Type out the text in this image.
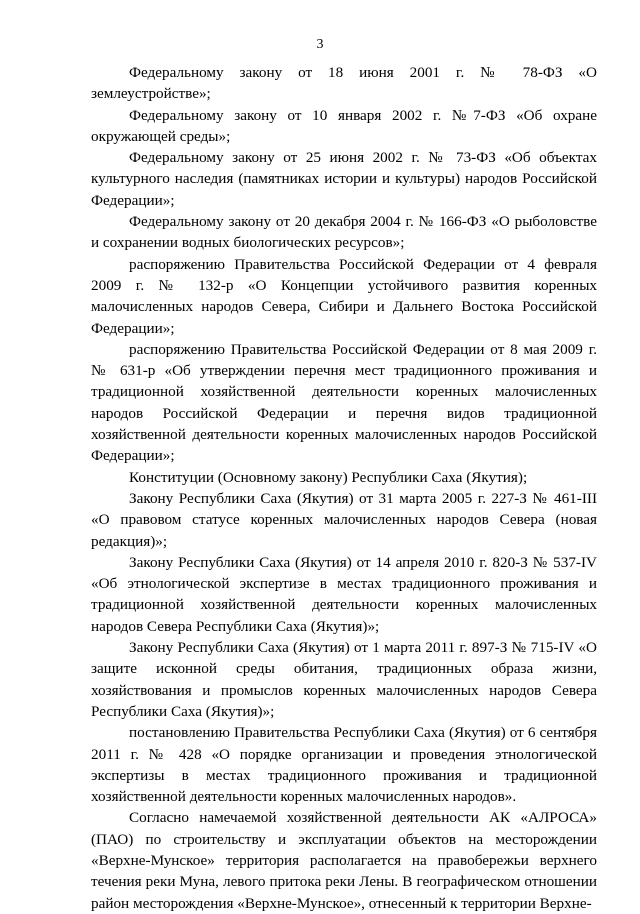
3

Федеральному закону от 18 июня 2001 г. № 78-ФЗ «О землеустройстве»;

Федеральному закону от 10 января 2002 г. №7-ФЗ «Об охране окружающей среды»;

Федеральному закону от 25 июня 2002 г. № 73-ФЗ «Об объектах культурного наследия (памятниках истории и культуры) народов Российской Федерации»;

Федеральному закону от 20 декабря 2004 г. № 166-ФЗ «О рыболовстве и сохранении водных биологических ресурсов»;

распоряжению Правительства Российской Федерации от 4 февраля 2009 г. № 132-р «О Концепции устойчивого развития коренных малочисленных народов Севера, Сибири и Дальнего Востока Российской Федерации»;

распоряжению Правительства Российской Федерации от 8 мая 2009 г. № 631-р «Об утверждении перечня мест традиционного проживания и традиционной хозяйственной деятельности коренных малочисленных народов Российской Федерации и перечня видов традиционной хозяйственной деятельности коренных малочисленных народов Российской Федерации»;

Конституции (Основному закону) Республики Саха (Якутия);

Закону Республики Саха (Якутия) от 31 марта 2005 г. 227-З № 461-III «О правовом статусе коренных малочисленных народов Севера (новая редакция)»;

Закону Республики Саха (Якутия) от 14 апреля 2010 г. 820-З № 537-IV «Об этнологической экспертизе в местах традиционного проживания и традиционной хозяйственной деятельности коренных малочисленных народов Севера Республики Саха (Якутия)»;

Закону Республики Саха (Якутия) от 1 марта 2011 г. 897-З № 715-IV «О защите исконной среды обитания, традиционных образа жизни, хозяйствования и промыслов коренных малочисленных народов Севера Республики Саха (Якутия)»;

постановлению Правительства Республики Саха (Якутия) от 6 сентября 2011 г. № 428 «О порядке организации и проведения этнологической экспертизы в местах традиционного проживания и традиционной хозяйственной деятельности коренных малочисленных народов».

Согласно намечаемой хозяйственной деятельности АК «АЛРОСА» (ПАО) по строительству и эксплуатации объектов на месторождении «Верхне-Мунское» территория располагается на правобережьи верхнего течения реки Муна, левого притока реки Лены. В географическом отношении район месторождения «Верхне-Мунское», отнесенный к территории Верхне-
